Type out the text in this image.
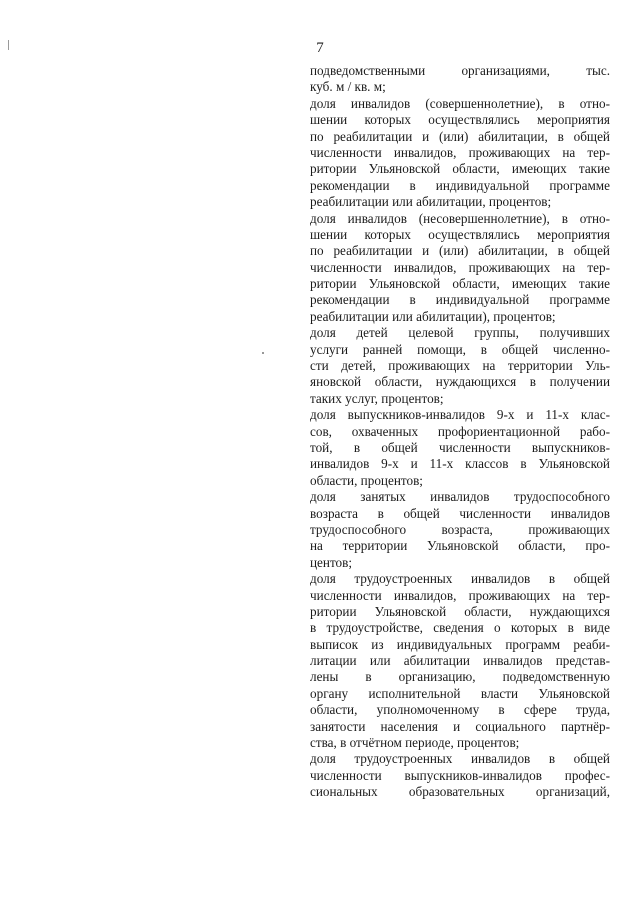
7
подведомственными организациями, тыс.
куб. м / кв. м;
доля инвалидов (совершеннолетние), в отно-
шении которых осуществлялись мероприятия
по реабилитации и (или) абилитации, в общей
численности инвалидов, проживающих на тер-
ритории Ульяновской области, имеющих такие
рекомендации в индивидуальной программе
реабилитации или абилитации, процентов;
доля инвалидов (несовершеннолетние), в отно-
шении которых осуществлялись мероприятия
по реабилитации и (или) абилитации, в общей
численности инвалидов, проживающих на тер-
ритории Ульяновской области, имеющих такие
рекомендации в индивидуальной программе
реабилитации или абилитации), процентов;
доля детей целевой группы, получивших
услуги ранней помощи, в общей численно-
сти детей, проживающих на территории Уль-
яновской области, нуждающихся в получении
таких услуг, процентов;
доля выпускников-инвалидов 9-х и 11-х клас-
сов, охваченных профориентационной рабо-
той, в общей численности выпускников-
инвалидов 9-х и 11-х классов в Ульяновской
области, процентов;
доля занятых инвалидов трудоспособного
возраста в общей численности инвалидов
трудоспособного возраста, проживающих
на территории Ульяновской области, про-
центов;
доля трудоустроенных инвалидов в общей
численности инвалидов, проживающих на тер-
ритории Ульяновской области, нуждающихся
в трудоустройстве, сведения о которых в виде
выписок из индивидуальных программ реаби-
литации или абилитации инвалидов представ-
лены в организацию, подведомственную
органу исполнительной власти Ульяновской
области, уполномоченному в сфере труда,
занятости населения и социального партнёр-
ства, в отчётном периоде, процентов;
доля трудоустроенных инвалидов в общей
численности выпускников-инвалидов профес-
сиональных образовательных организаций,
